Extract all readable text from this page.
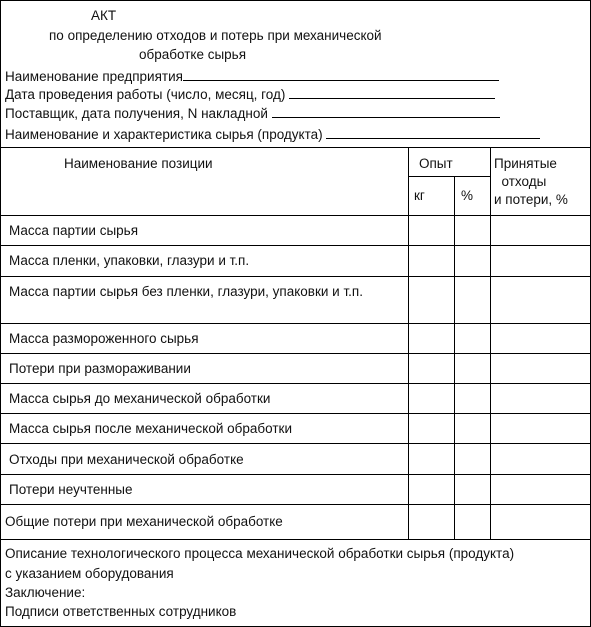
АКТ
по определению отходов и потерь при механической
обработке сырья
Наименование предприятия
Дата проведения работы (число, месяц, год)
Поставщик, дата получения, N накладной
Наименование и характеристика сырья (продукта)
Наименование позиции	Опыт
кг	%
Принятые
отходы
и потери, %
Масса партии сырья
Масса пленки, упаковки, глазури и т.п.
Масса партии сырья без пленки, глазури, упаковки и т.п.
Масса размороженного сырья
Потери при размораживании
Масса сырья до механической обработки
Масса сырья после механической обработки
Отходы при механической обработке
Потери неучтенные
Общие потери при механической обработке
Описание технологического процесса механической обработки сырья (продукта)
с указанием оборудования
Заключение:
Подписи ответственных сотрудников
